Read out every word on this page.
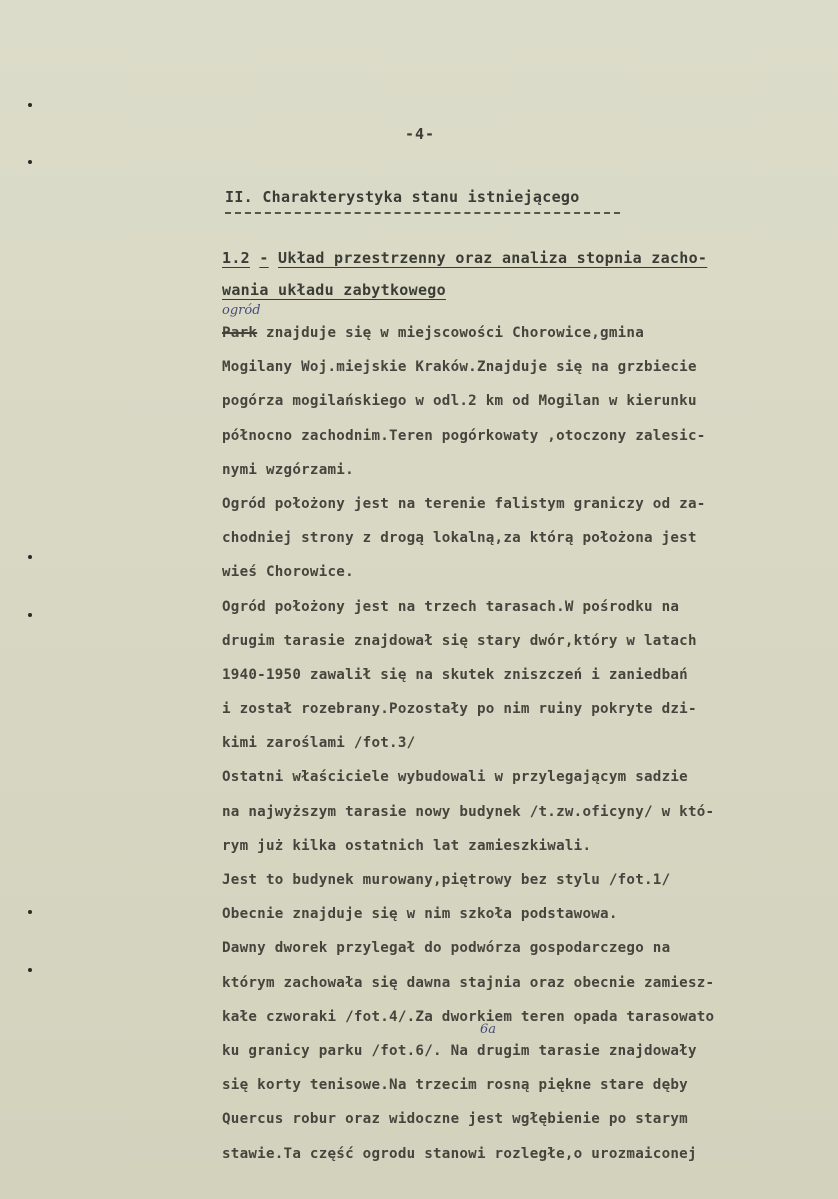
-4-
II. Charakterystyka stanu istniejącego
1.2 - Układ przestrzenny oraz analiza stopnia zacho-
wania układu zabytkowego
ogród
6a
Park znajduje się w miejscowości Chorowice,gmina
Mogilany Woj.miejskie Kraków.Znajduje się na grzbiecie
pogórza mogilańskiego w odl.2 km od Mogilan w kierunku
północno zachodnim.Teren pogórkowaty ,otoczony zalesic-
nymi wzgórzami.
Ogród położony jest na terenie falistym graniczy od za-
chodniej strony z drogą lokalną,za którą położona jest
wieś Chorowice.
Ogród położony jest na trzech tarasach.W pośrodku na
drugim tarasie znajdował się stary dwór,który w latach
1940-1950 zawalił się na skutek zniszczeń i zaniedbań
i został rozebrany.Pozostały po nim ruiny pokryte dzi-
kimi zaroślami /fot.3/
Ostatni właściciele wybudowali w przylegającym sadzie
na najwyższym tarasie nowy budynek /t.zw.oficyny/ w któ-
rym już kilka ostatnich lat zamieszkiwali.
Jest to budynek murowany,piętrowy bez stylu /fot.1/
Obecnie znajduje się w nim szkoła podstawowa.
Dawny dworek przylegał do podwórza gospodarczego na
którym zachowała się dawna stajnia oraz obecnie zamiesz-
kałe czworaki /fot.4/.Za dworkiem teren opada tarasowato
ku granicy parku /fot.6/. Na drugim tarasie znajdowały
się korty tenisowe.Na trzecim rosną piękne stare dęby
Quercus robur oraz widoczne jest wgłębienie po starym
stawie.Ta część ogrodu stanowi rozległe,o urozmaiconej
